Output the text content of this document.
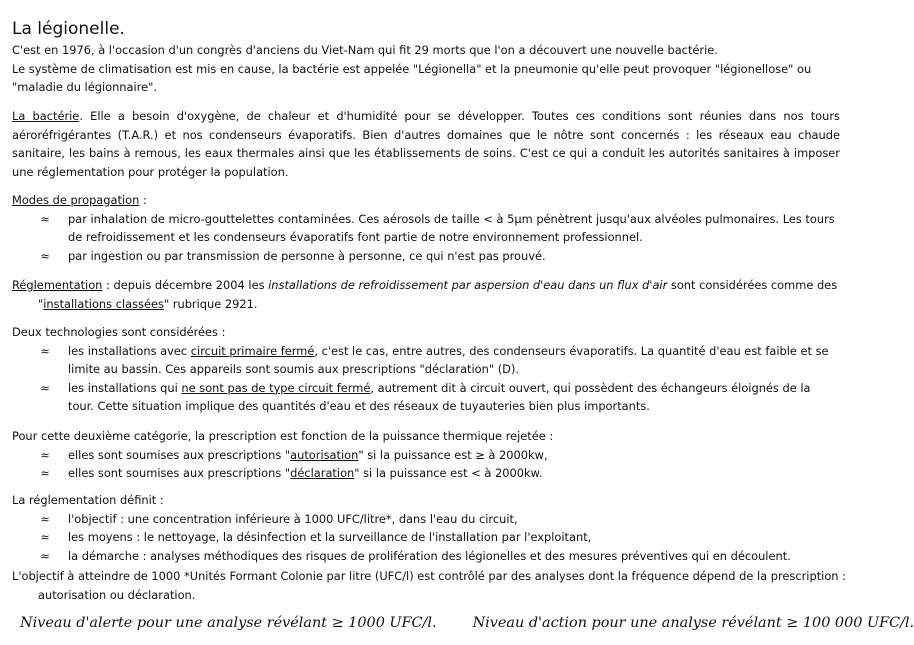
La légionelle.
C'est en 1976, à l'occasion d'un congrès d'anciens du Viet-Nam qui fit 29 morts que l'on a découvert une nouvelle bactérie.
Le système de climatisation est mis en cause, la bactérie est appelée "Légionella" et la pneumonie qu'elle peut provoquer "légionellose" ou "maladie du légionnaire".
La bactérie. Elle a besoin d'oxygène, de chaleur et d'humidité pour se développer. Toutes ces conditions sont réunies dans nos tours aéroréfrigérantes (T.A.R.) et nos condenseurs évaporatifs. Bien d'autres domaines que le nôtre sont concernés : les réseaux eau chaude sanitaire, les bains à remous, les eaux thermales ainsi que les établissements de soins. C'est ce qui a conduit les autorités sanitaires à imposer une réglementation pour protéger la population.
Modes de propagation :
≈ par inhalation de micro-gouttelettes contaminées. Ces aérosols de taille < à 5µm pénètrent jusqu'aux alvéoles pulmonaires. Les tours de refroidissement et les condenseurs évaporatifs font partie de notre environnement professionnel.
≈ par ingestion ou par transmission de personne à personne, ce qui n'est pas prouvé.
Réglementation : depuis décembre 2004 les installations de refroidissement par aspersion d'eau dans un flux d'air sont considérées comme des "installations classées" rubrique 2921.
Deux technologies sont considérées :
≈ les installations avec circuit primaire fermé, c'est le cas, entre autres, des condenseurs évaporatifs. La quantité d'eau est faible et se limite au bassin. Ces appareils sont soumis aux prescriptions "déclaration" (D).
≈ les installations qui ne sont pas de type circuit fermé, autrement dit à circuit ouvert, qui possèdent des échangeurs éloignés de la tour. Cette situation implique des quantités d'eau et des réseaux de tuyauteries bien plus importants.
Pour cette deuxième catégorie, la prescription est fonction de la puissance thermique rejetée :
≈ elles sont soumises aux prescriptions "autorisation" si la puissance est ≥ à 2000kw,
≈ elles sont soumises aux prescriptions "déclaration" si la puissance est < à 2000kw.
La réglementation définit :
≈ l'objectif : une concentration inférieure à 1000 UFC/litre*, dans l'eau du circuit,
≈ les moyens : le nettoyage, la désinfection et la surveillance de l'installation par l'exploitant,
≈ la démarche : analyses méthodiques des risques de prolifération des légionelles et des mesures préventives qui en découlent.
L'objectif à atteindre de 1000 *Unités Formant Colonie par litre (UFC/l) est contrôlé par des analyses dont la fréquence dépend de la prescription : autorisation ou déclaration.
Niveau d'alerte pour une analyse révélant ≥ 1000 UFC/l.	Niveau d'action pour une analyse révélant ≥ 100 000 UFC/l.
